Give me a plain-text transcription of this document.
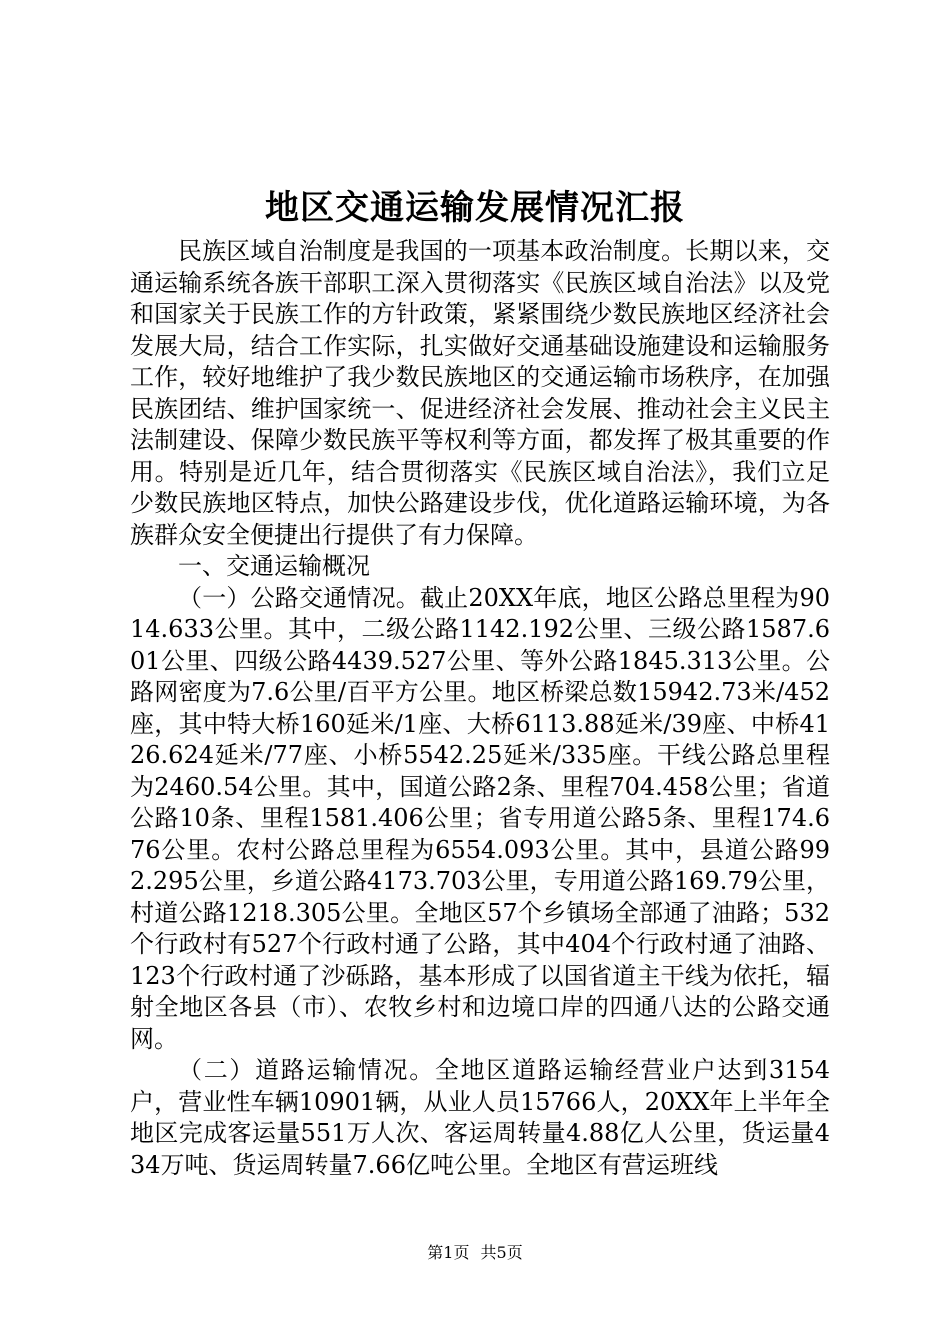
地区交通运输发展情况汇报

民族区域自治制度是我国的一项基本政治制度。长期以来，交通运输系统各族干部职工深入贯彻落实《民族区域自治法》以及党和国家关于民族工作的方针政策，紧紧围绕少数民族地区经济社会发展大局，结合工作实际，扎实做好交通基础设施建设和运输服务工作，较好地维护了我少数民族地区的交通运输市场秩序，在加强民族团结、维护国家统一、促进经济社会发展、推动社会主义民主法制建设、保障少数民族平等权利等方面，都发挥了极其重要的作用。特别是近几年，结合贯彻落实《民族区域自治法》，我们立足少数民族地区特点，加快公路建设步伐，优化道路运输环境，为各族群众安全便捷出行提供了有力保障。

一、交通运输概况

（一）公路交通情况。截止20XX年底，地区公路总里程为9014.633公里。其中，二级公路1142.192公里、三级公路1587.601公里、四级公路4439.527公里、等外公路1845.313公里。公路网密度为7.6公里/百平方公里。地区桥梁总数15942.73米/452座，其中特大桥160延米/1座、大桥6113.88延米/39座、中桥4126.624延米/77座、小桥5542.25延米/335座。干线公路总里程为2460.54公里。其中，国道公路2条、里程704.458公里；省道公路10条、里程1581.406公里；省专用道公路5条、里程174.676公里。农村公路总里程为6554.093公里。其中，县道公路992.295公里，乡道公路4173.703公里，专用道公路169.79公里，村道公路1218.305公里。全地区57个乡镇场全部通了油路；532个行政村有527个行政村通了公路，其中404个行政村通了油路、123个行政村通了沙砾路，基本形成了以国省道主干线为依托，辐射全地区各县（市）、农牧乡村和边境口岸的四通八达的公路交通网。

（二）道路运输情况。全地区道路运输经营业户达到3154户，营业性车辆10901辆，从业人员15766人，20XX年上半年全地区完成客运量551万人次、客运周转量4.88亿人公里，货运量434万吨、货运周转量7.66亿吨公里。全地区有营运班线

第1页 共5页
